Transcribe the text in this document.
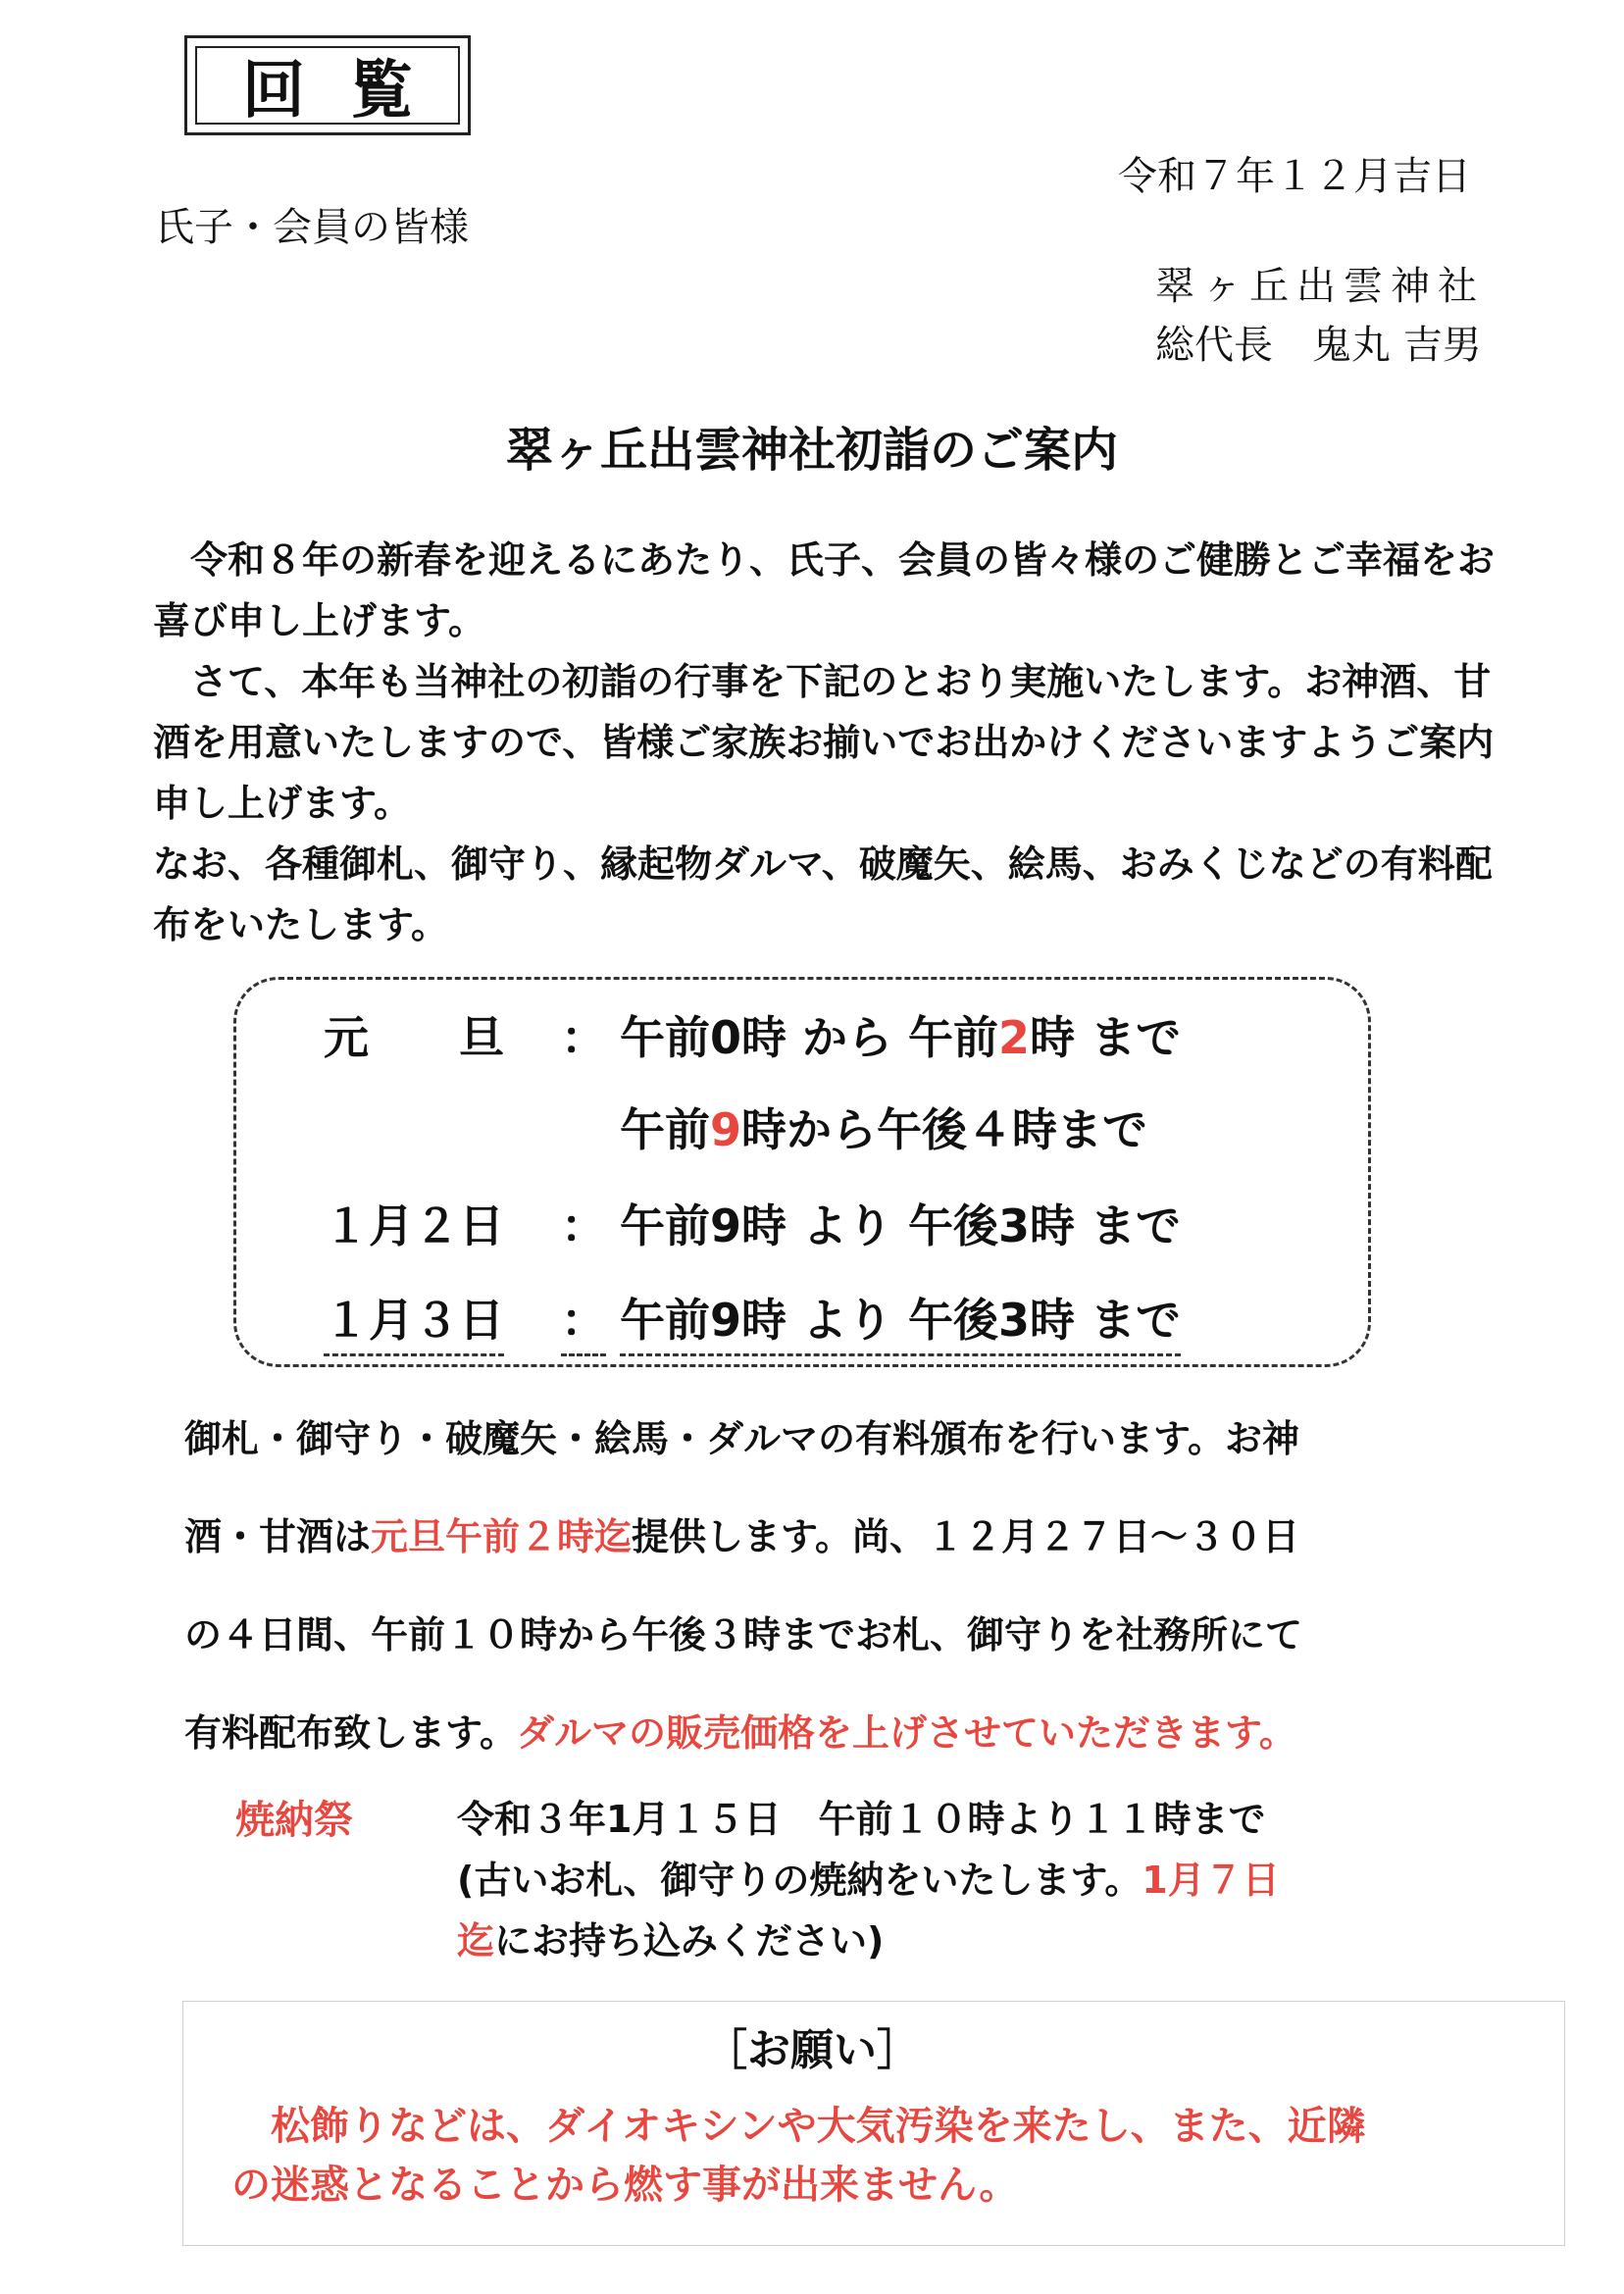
回覧
令和７年１２月吉日
氏子・会員の皆様
翠ヶ丘出雲神社
総代長　鬼丸 吉男
翠ヶ丘出雲神社初詣のご案内

令和８年の新春を迎えるにあたり、氏子、会員の皆々様のご健勝とご幸福をお喜び申し上げます。

さて、本年も当神社の初詣の行事を下記のとおり実施いたします。お神酒、甘酒を用意いたしますので、皆様ご家族お揃いでお出かけくださいますようご案内申し上げます。

なお、各種御札、御守り、縁起物ダルマ、破魔矢、絵馬、おみくじなどの有料配布をいたします。

元　　旦 ： 午前0時 から 午前2時 まで
午前9時から午後４時まで
１月２日 ： 午前9時 より 午後3時 まで
１月３日 ： 午前9時 より 午後3時 まで
御札・御守り・破魔矢・絵馬・ダルマの有料頒布を行います。お神
酒・甘酒は元旦午前２時迄提供します。尚、１２月２７日～３０日
の４日間、午前１０時から午後３時までお札、御守りを社務所にて
有料配布致します。ダルマの販売価格を上げさせていただきます。
焼納祭	令和３年1月１５日　午前１０時より１１時まで
(古いお札、御守りの焼納をいたします。1月７日
迄にお持ち込みください)
［お願い］
松飾りなどは、ダイオキシンや大気汚染を来たし、また、近隣
の迷惑となることから燃す事が出来ません。
